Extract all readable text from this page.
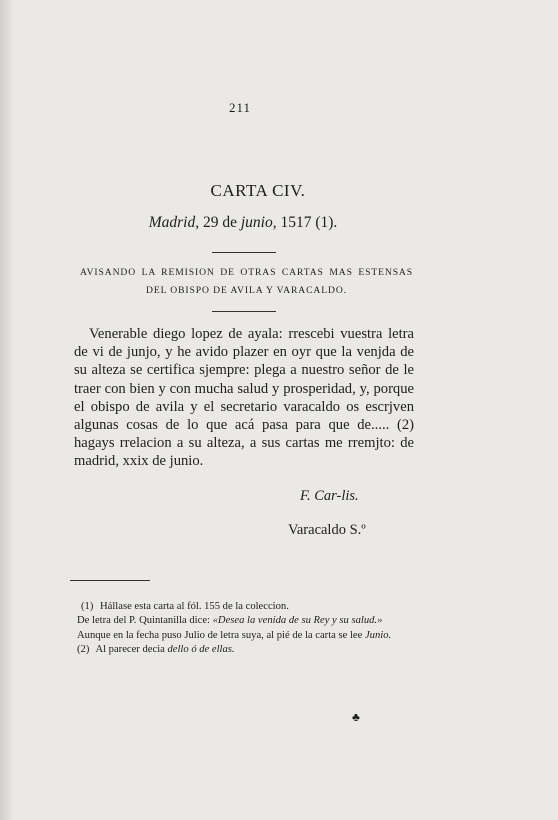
211
CARTA CIV.
Madrid, 29 de junio, 1517 (1).
AVISANDO LA REMISION DE OTRAS CARTAS MAS ESTENSAS DEL OBISPO DE AVILA Y VARACALDO.

Venerable diego lopez de ayala: rrescebi vuestra letra de vi de junjo, y he avido plazer en oyr que la venjda de su alteza se certifica sjempre: plega a nuestro señor de le traer con bien y con mucha salud y prosperidad, y, porque el obispo de avila y el secretario varacaldo os escrjven algunas cosas de lo que acá pasa para que de..... (2) hagays rrelacion a su alteza, a sus cartas me rremjto: de madrid, xxix de junio.

F. Car-lis.
Varacaldo S.º

(1) Hállase esta carta al fól. 155 de la coleccion.

De letra del P. Quintanilla dice: «Desea la venida de su Rey y su salud.»

Aunque en la fecha puso Julio de letra suya, al pié de la carta se lee Junio.

(2) Al parecer decia dello ó de ellas.

♣
